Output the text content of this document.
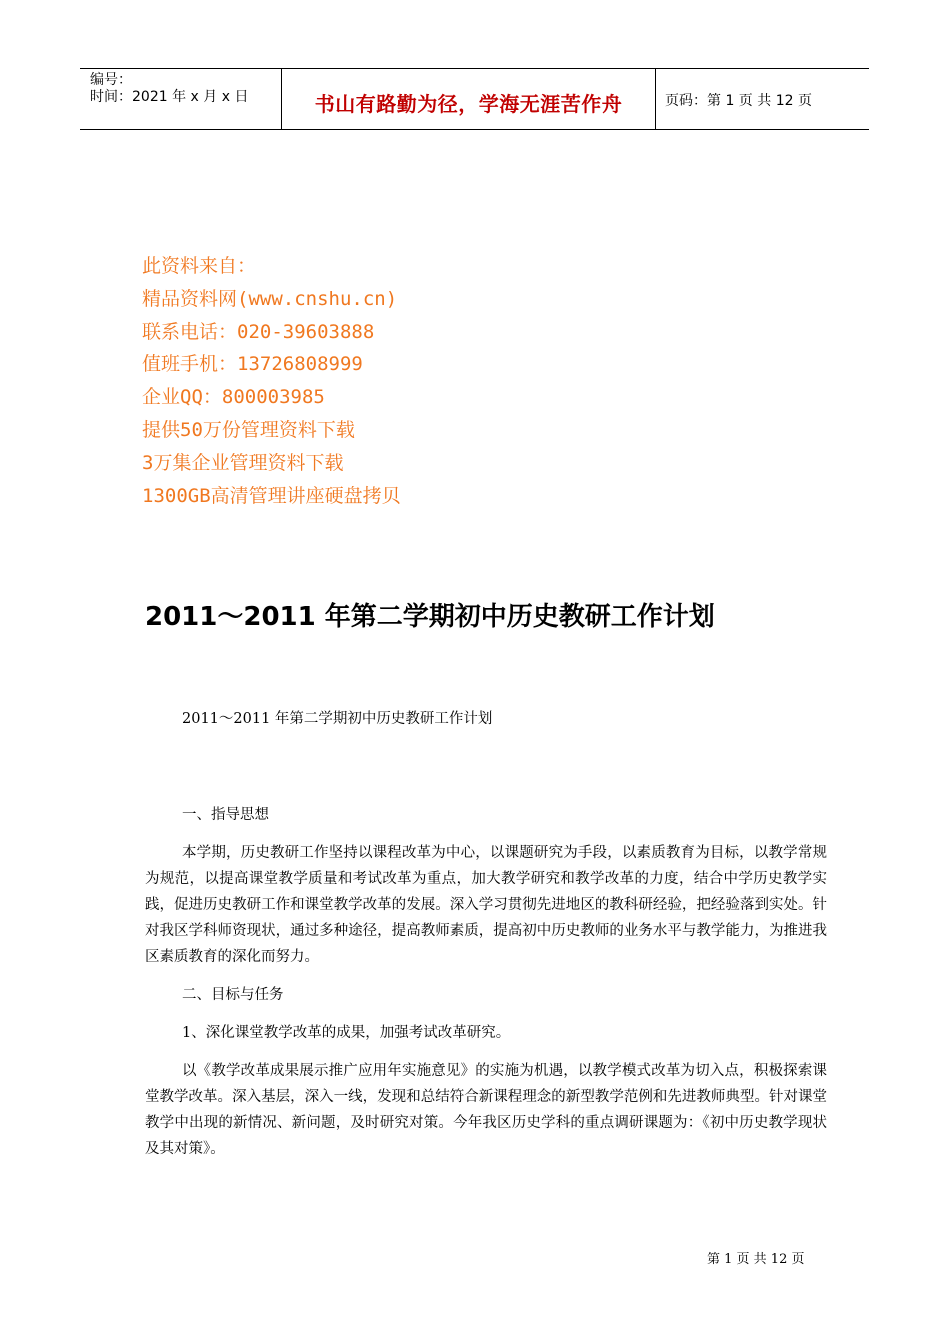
编号：
时间：2021 年 x 月 x 日	书山有路勤为径，学海无涯苦作舟	页码：第 1 页 共 12 页
此资料来自：
精品资料网(www.cnshu.cn)
联系电话：020-39603888
值班手机：13726808999
企业QQ：800003985
提供50万份管理资料下载
3万集企业管理资料下载
1300GB高清管理讲座硬盘拷贝
2011～2011 年第二学期初中历史教研工作计划

2011～2011 年第二学期初中历史教研工作计划

一、指导思想

本学期，历史教研工作坚持以课程改革为中心，以课题研究为手段，以素质教育为目标，以教学常规为规范，以提高课堂教学质量和考试改革为重点，加大教学研究和教学改革的力度，结合中学历史教学实践，促进历史教研工作和课堂教学改革的发展。深入学习贯彻先进地区的教科研经验，把经验落到实处。针对我区学科师资现状，通过多种途径，提高教师素质，提高初中历史教师的业务水平与教学能力，为推进我区素质教育的深化而努力。

二、目标与任务

1、深化课堂教学改革的成果，加强考试改革研究。

以《教学改革成果展示推广应用年实施意见》的实施为机遇，以教学模式改革为切入点，积极探索课堂教学改革。深入基层，深入一线，发现和总结符合新课程理念的新型教学范例和先进教师典型。针对课堂教学中出现的新情况、新问题，及时研究对策。今年我区历史学科的重点调研课题为：《初中历史教学现状及其对策》。

第 1 页 共 12 页
